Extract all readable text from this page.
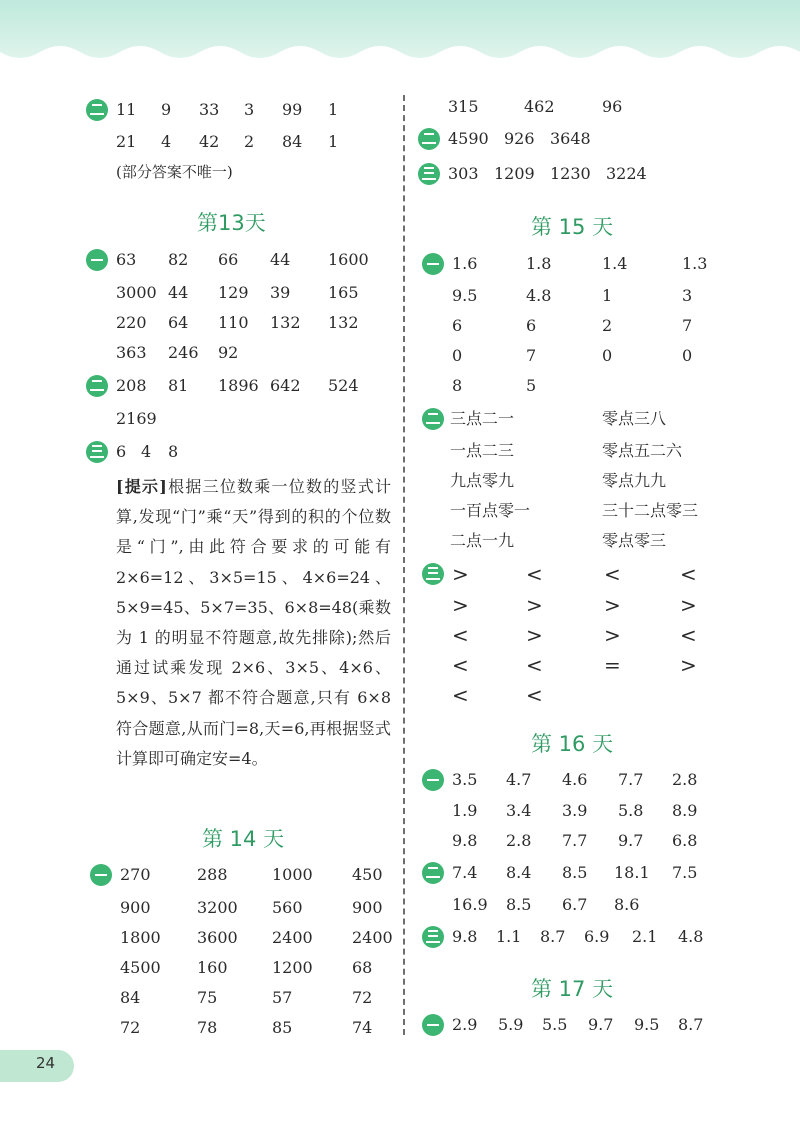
11 9 33 3 99 1
21 4 42 2 84 1
(部分答案不唯一)
第13天
63 82 66 44 1600
3000 44 129 39 165
220 64 110 132 132
363 246 92
208 81 1896 642 524
2169
6 4 8
[提示]根据三位数乘一位数的竖式计算,发现“门”乘“天”得到的积的个位数是“门”,由此符合要求的可能有 2×6=12、3×5=15、4×6=24、5×9=45、5×7=35、6×8=48(乘数为 1 的明显不符题意,故先排除);然后通过试乘发现 2×6、3×5、4×6、5×9、5×7 都不符合题意,只有 6×8 符合题意,从而门=8,天=6,再根据竖式计算即可确定安=4。
第 14 天
270	288	1000 450
900	3200 560	900
1800 3600 2400 2400
4500 160	1200 68
84	75	57	72
72	78	85	74
315	462	96
4590 926 3648
303 1209 1230 3224
第 15 天
1.6	1.8	1.4	1.3
9.5	4.8	1	3
6	6	2	7
0	7	0	0
8	5
三点二一	零点三八
一点二三	零点五二六
九点零九	零点九九
一百点零一	三十二点零三
二点一九	零点零三
>	<	<	<
>	>	>	>
<	>	>	<
<	<	=	>
<	<
第 16 天
3.5 4.7 4.6 7.7 2.8
1.9 3.4 3.9 5.8 8.9
9.8 2.8 7.7 9.7 6.8
7.4 8.4 8.5 18.1 7.5
16.9 8.5 6.7 8.6
9.8 1.1 8.7 6.9 2.1 4.8
第 17 天
2.9 5.9 5.5 9.7 9.5 8.7
24
